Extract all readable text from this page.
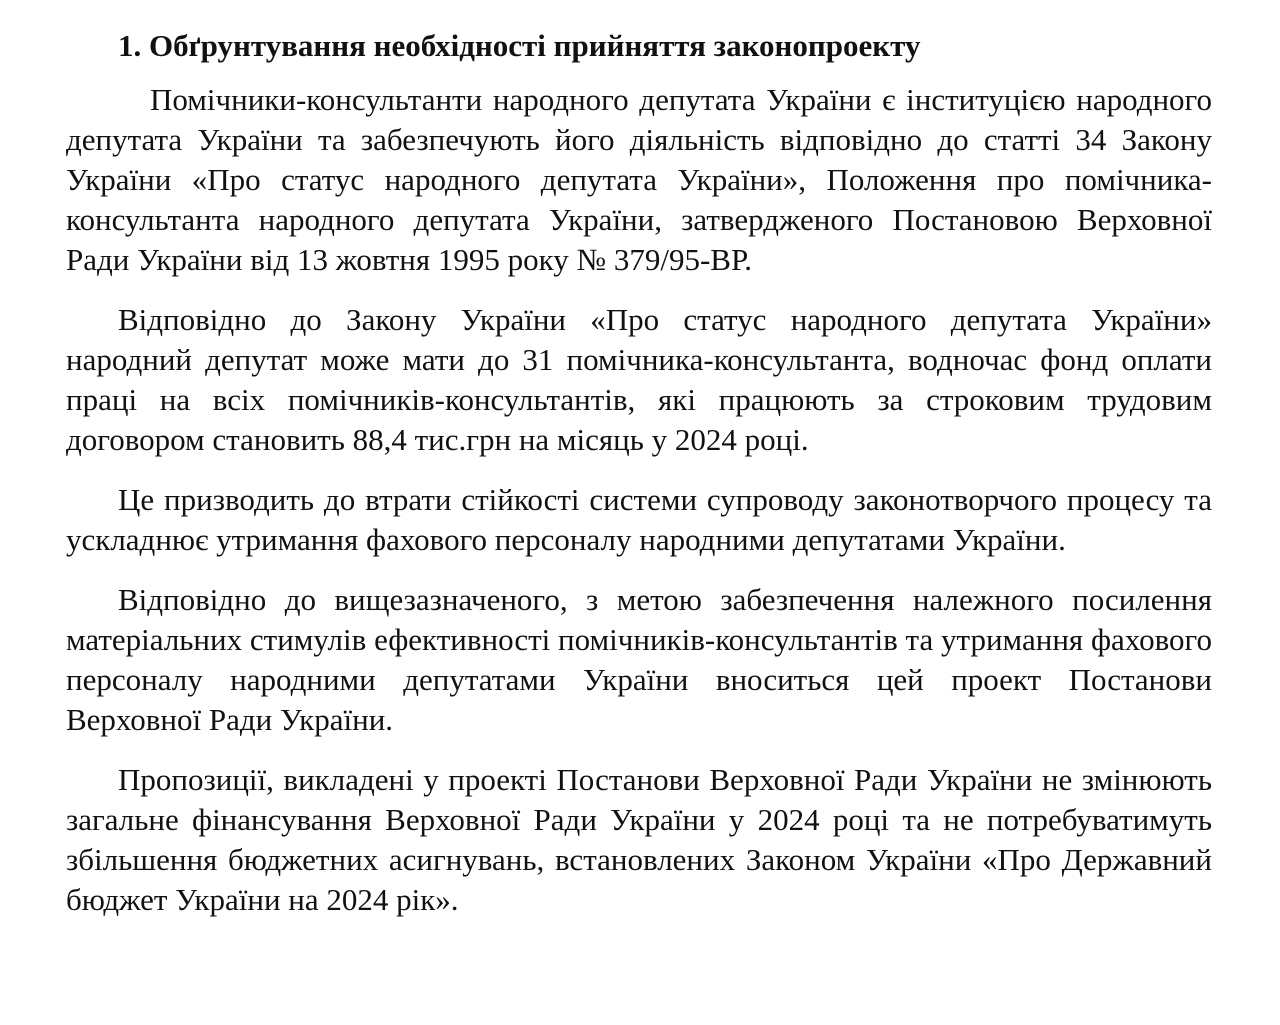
1. Обґрунтування необхідності прийняття законопроекту

Помічники-консультанти народного депутата України є інституцією народного депутата України та забезпечують його діяльність відповідно до статті 34 Закону України «Про статус народного депутата України», Положення про помічника-консультанта народного депутата України, затвердженого Постановою Верховної Ради України від 13 жовтня 1995 року № 379/95-ВР.

Відповідно до Закону України «Про статус народного депутата України» народний депутат може мати до 31 помічника-консультанта, водночас фонд оплати праці на всіх помічників-консультантів, які працюють за строковим трудовим договором становить 88,4 тис.грн на місяць у 2024 році.

Це призводить до втрати стійкості системи супроводу законотворчого процесу та ускладнює утримання фахового персоналу народними депутатами України.

Відповідно до вищезазначеного, з метою забезпечення належного посилення матеріальних стимулів ефективності помічників-консультантів та утримання фахового персоналу народними депутатами України вноситься цей проект Постанови Верховної Ради України.

Пропозиції, викладені у проекті Постанови Верховної Ради України не змінюють загальне фінансування Верховної Ради України у 2024 році та не потребуватимуть збільшення бюджетних асигнувань, встановлених Законом України «Про Державний бюджет України на 2024 рік».
